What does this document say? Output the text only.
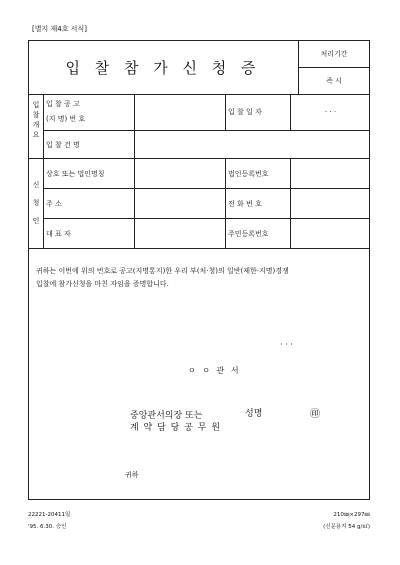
[별지 제4호 서식]
입 찰 참 가 신 청 증
처리기간
즉 시
입
찰
개
요
입 찰 공 고
(지 명) 번 호
입 찰 일 자	· · ·
입 찰 건 명
신
청
인
상호 또는 법인명칭	법인등록번호
주 소	전 화 번 호
대 표 자	주민등록번호
귀하는 이번에 위의 번호로 공고(지명통지)한 우리 부(처·청)의 일반(제한·지명)경쟁
입찰에 참가신청을 마친 자임을 증명합니다.
· · ·
ㅇ ㅇ 관 서
중앙관서의장 또는
계 약 담 당 공 무 원
성명	㊞
귀하
22221-20411일
'95. 6.30. 승인
210㎜×297㎜
(신문용지 54 g/㎡)
